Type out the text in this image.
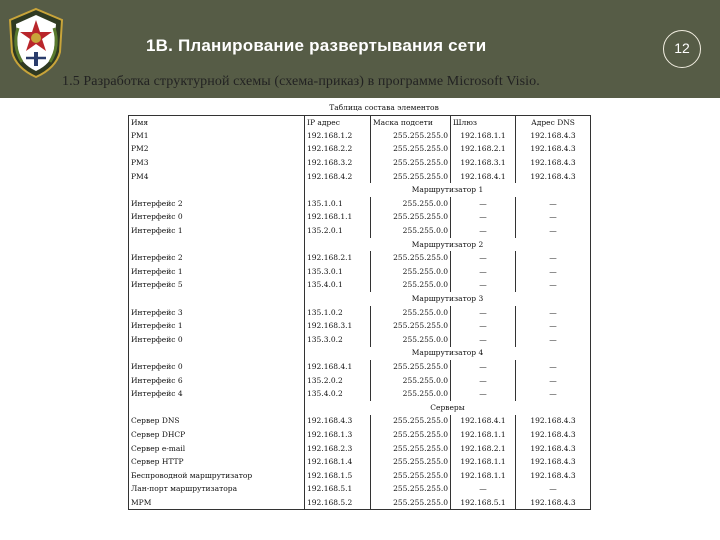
1В. Планирование развертывания сети	12
1.5 Разработка структурной схемы (схема-приказ) в программе Microsoft Visio.
Таблица состава элементов
Имя	IP адрес	Маска подсети	Шлюз	Адрес DNS
PM1	192.168.1.2	255.255.255.0	192.168.1.1	192.168.4.3
PM2	192.168.2.2	255.255.255.0	192.168.2.1	192.168.4.3
PM3	192.168.3.2	255.255.255.0	192.168.3.1	192.168.4.3
PM4	192.168.4.2	255.255.255.0	192.168.4.1	192.168.4.3
	Маршрутизатор 1			
Интерфейс 2	135.1.0.1	255.255.0.0	—	—
Интерфейс 0	192.168.1.1	255.255.255.0	—	—
Интерфейс 1	135.2.0.1	255.255.0.0	—	—
	Маршрутизатор 2			
Интерфейс 2	192.168.2.1	255.255.255.0	—	—
Интерфейс 1	135.3.0.1	255.255.0.0	—	—
Интерфейс 5	135.4.0.1	255.255.0.0	—	—
	Маршрутизатор 3			
Интерфейс 3	135.1.0.2	255.255.0.0	—	—
Интерфейс 1	192.168.3.1	255.255.255.0	—	—
Интерфейс 0	135.3.0.2	255.255.0.0	—	—
	Маршрутизатор 4			
Интерфейс 0	192.168.4.1	255.255.255.0	—	—
Интерфейс 6	135.2.0.2	255.255.0.0	—	—
Интерфейс 4	135.4.0.2	255.255.0.0	—	—
	Серверы			
Сервер DNS	192.168.4.3	255.255.255.0	192.168.4.1	192.168.4.3
Сервер DHCP	192.168.1.3	255.255.255.0	192.168.1.1	192.168.4.3
Сервер e-mail	192.168.2.3	255.255.255.0	192.168.2.1	192.168.4.3
Сервер HTTP	192.168.1.4	255.255.255.0	192.168.1.1	192.168.4.3
Беспроводной маршрутизатор	192.168.1.5	255.255.255.0	192.168.1.1	192.168.4.3
Лан-порт маршрутизатора	192.168.5.1	255.255.255.0	—	—
МРМ	192.168.5.2	255.255.255.0	192.168.5.1	192.168.4.3
